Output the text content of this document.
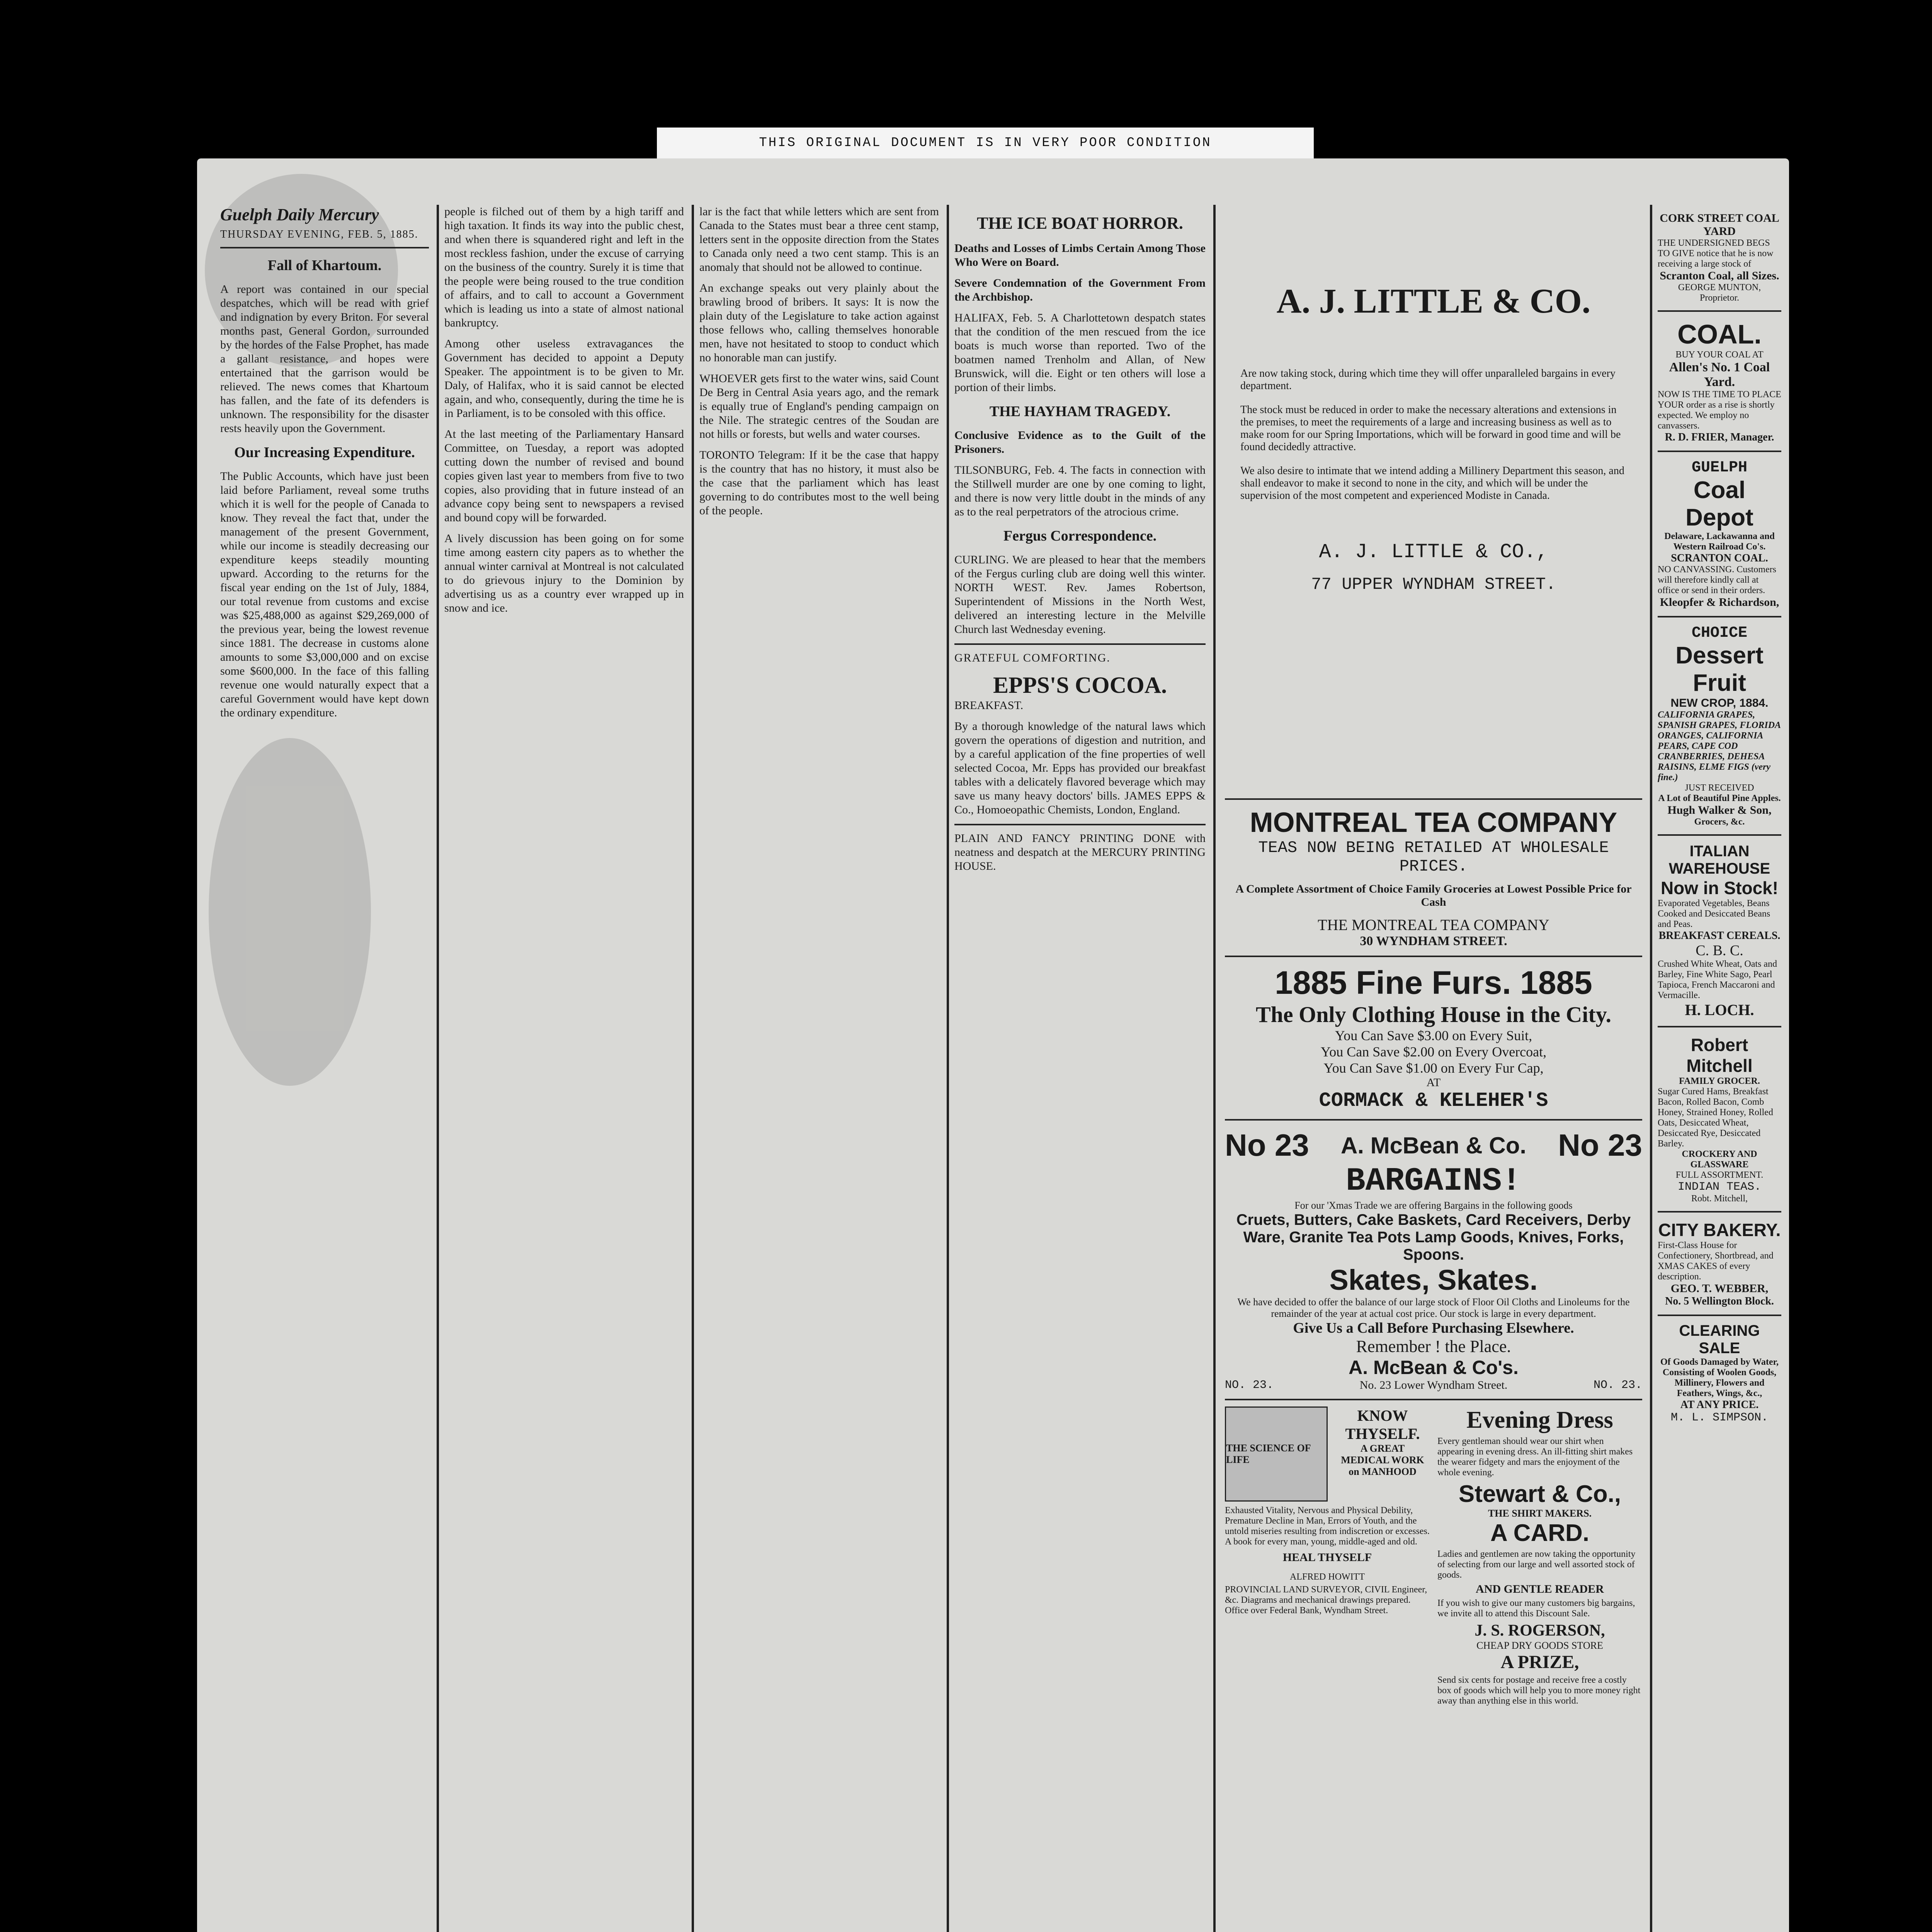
THIS ORIGINAL DOCUMENT IS IN VERY POOR CONDITION
Guelph Daily Mercury
THURSDAY EVENING, FEB. 5, 1885.
Fall of Khartoum.

A report was contained in our special despatches, which will be read with grief and indignation by every Briton. For several months past, General Gordon, surrounded by the hordes of the False Prophet, has made a gallant resistance, and hopes were entertained that the garrison would be relieved. The news comes that Khartoum has fallen, and the fate of its defenders is unknown. The responsibility for the disaster rests heavily upon the Government.

Our Increasing Expenditure.

The Public Accounts, which have just been laid before Parliament, reveal some truths which it is well for the people of Canada to know. They reveal the fact that, under the management of the present Government, while our income is steadily decreasing our expenditure keeps steadily mounting upward. According to the returns for the fiscal year ending on the 1st of July, 1884, our total revenue from customs and excise was $25,488,000 as against $29,269,000 of the previous year, being the lowest revenue since 1881. The decrease in customs alone amounts to some $3,000,000 and on excise some $600,000. In the face of this falling revenue one would naturally expect that a careful Government would have kept down the ordinary expenditure.

people is filched out of them by a high tariff and high taxation. It finds its way into the public chest, and when there is squandered right and left in the most reckless fashion, under the excuse of carrying on the business of the country. Surely it is time that the people were being roused to the true condition of affairs, and to call to account a Government which is leading us into a state of almost national bankruptcy.

Among other useless extravagances the Government has decided to appoint a Deputy Speaker. The appointment is to be given to Mr. Daly, of Halifax, who it is said cannot be elected again, and who, consequently, during the time he is in Parliament, is to be consoled with this office.

At the last meeting of the Parliamentary Hansard Committee, on Tuesday, a report was adopted cutting down the number of revised and bound copies given last year to members from five to two copies, also providing that in future instead of an advance copy being sent to newspapers a revised and bound copy will be forwarded.

A lively discussion has been going on for some time among eastern city papers as to whether the annual winter carnival at Montreal is not calculated to do grievous injury to the Dominion by advertising us as a country ever wrapped up in snow and ice.

lar is the fact that while letters which are sent from Canada to the States must bear a three cent stamp, letters sent in the opposite direction from the States to Canada only need a two cent stamp. This is an anomaly that should not be allowed to continue.

An exchange speaks out very plainly about the brawling brood of bribers. It says: It is now the plain duty of the Legislature to take action against those fellows who, calling themselves honorable men, have not hesitated to stoop to conduct which no honorable man can justify.

WHOEVER gets first to the water wins, said Count De Berg in Central Asia years ago, and the remark is equally true of England's pending campaign on the Nile. The strategic centres of the Soudan are not hills or forests, but wells and water courses.

TORONTO Telegram: If it be the case that happy is the country that has no history, it must also be the case that the parliament which has least governing to do contributes most to the well being of the people.

THE ICE BOAT HORROR.

Deaths and Losses of Limbs Certain Among Those Who Were on Board.

Severe Condemnation of the Government From the Archbishop.

HALIFAX, Feb. 5. A Charlottetown despatch states that the condition of the men rescued from the ice boats is much worse than reported. Two of the boatmen named Trenholm and Allan, of New Brunswick, will die. Eight or ten others will lose a portion of their limbs.

THE HAYHAM TRAGEDY.

Conclusive Evidence as to the Guilt of the Prisoners.

TILSONBURG, Feb. 4. The facts in connection with the Stillwell murder are one by one coming to light, and there is now very little doubt in the minds of any as to the real perpetrators of the atrocious crime.

Fergus Correspondence.

CURLING. We are pleased to hear that the members of the Fergus curling club are doing well this winter. NORTH WEST. Rev. James Robertson, Superintendent of Missions in the North West, delivered an interesting lecture in the Melville Church last Wednesday evening.

GRATEFUL COMFORTING.

EPPS'S COCOA.

BREAKFAST.

By a thorough knowledge of the natural laws which govern the operations of digestion and nutrition, and by a careful application of the fine properties of well selected Cocoa, Mr. Epps has provided our breakfast tables with a delicately flavored beverage which may save us many heavy doctors' bills. JAMES EPPS & Co., Homoeopathic Chemists, London, England.

PLAIN AND FANCY PRINTING DONE with neatness and despatch at the MERCURY PRINTING HOUSE.

A. J. LITTLE & CO.

Are now taking stock, during which time they will offer unparalleled bargains in every department.

The stock must be reduced in order to make the necessary alterations and extensions in the premises, to meet the requirements of a large and increasing business as well as to make room for our Spring Importations, which will be forward in good time and will be found decidedly attractive.

We also desire to intimate that we intend adding a Millinery Department this season, and shall endeavor to make it second to none in the city, and which will be under the supervision of the most competent and experienced Modiste in Canada.

A. J. LITTLE & CO.,
77 UPPER WYNDHAM STREET.
MONTREAL TEA COMPANY
TEAS NOW BEING RETAILED AT WHOLESALE PRICES.
A Complete Assortment of Choice Family Groceries at Lowest Possible Price for Cash
THE MONTREAL TEA COMPANY
30 WYNDHAM STREET.
1885 Fine Furs. 1885
The Only Clothing House in the City.
You Can Save $3.00 on Every Suit,
You Can Save $2.00 on Every Overcoat,
You Can Save $1.00 on Every Fur Cap,
AT
CORMACK & KELEHER'S
No 23 A. McBean & Co. No 23
BARGAINS!
For our 'Xmas Trade we are offering Bargains in the following goods
Cruets, Butters, Cake Baskets, Card Receivers, Derby Ware, Granite Tea Pots Lamp Goods, Knives, Forks, Spoons.
Skates, Skates.
We have decided to offer the balance of our large stock of Floor Oil Cloths and Linoleums for the remainder of the year at actual cost price. Our stock is large in every department.
Give Us a Call Before Purchasing Elsewhere.
Remember ! the Place.
A. McBean & Co's.
NO. 23.	No. 23 Lower Wyndham Street.	NO. 23.
THE SCIENCE OF LIFE
KNOW THYSELF.
A GREAT MEDICAL WORK on MANHOOD

Exhausted Vitality, Nervous and Physical Debility, Premature Decline in Man, Errors of Youth, and the untold miseries resulting from indiscretion or excesses. A book for every man, young, middle-aged and old.

HEAL THYSELF
ALFRED HOWITT

PROVINCIAL LAND SURVEYOR, CIVIL Engineer, &c. Diagrams and mechanical drawings prepared. Office over Federal Bank, Wyndham Street.

Evening Dress

Every gentleman should wear our shirt when appearing in evening dress. An ill-fitting shirt makes the wearer fidgety and mars the enjoyment of the whole evening.

Stewart & Co.,
THE SHIRT MAKERS.
A CARD.

Ladies and gentlemen are now taking the opportunity of selecting from our large and well assorted stock of goods.

AND GENTLE READER

If you wish to give our many customers big bargains, we invite all to attend this Discount Sale.

J. S. ROGERSON,
CHEAP DRY GOODS STORE
A PRIZE,

Send six cents for postage and receive free a costly box of goods which will help you to more money right away than anything else in this world.

CORK STREET COAL YARD
THE UNDERSIGNED BEGS TO GIVE notice that he is now receiving a large stock of
Scranton Coal, all Sizes.
GEORGE MUNTON, Proprietor.
COAL.
BUY YOUR COAL AT
Allen's No. 1 Coal Yard.
NOW IS THE TIME TO PLACE YOUR order as a rise is shortly expected. We employ no canvassers.
R. D. FRIER, Manager.
GUELPH
Coal Depot
Delaware, Lackawanna and Western Railroad Co's.
SCRANTON COAL.
NO CANVASSING. Customers will therefore kindly call at office or send in their orders.
Kleopfer & Richardson,
CHOICE
Dessert Fruit
NEW CROP, 1884.
CALIFORNIA GRAPES, SPANISH GRAPES, FLORIDA ORANGES, CALIFORNIA PEARS, CAPE COD CRANBERRIES, DEHESA RAISINS, ELME FIGS (very fine.)
JUST RECEIVED
A Lot of Beautiful Pine Apples.
Hugh Walker & Son,
Grocers, &c.
ITALIAN WAREHOUSE
Now in Stock!
Evaporated Vegetables, Beans Cooked and Desiccated Beans and Peas.
BREAKFAST CEREALS.
C. B. C.
Crushed White Wheat, Oats and Barley, Fine White Sago, Pearl Tapioca, French Maccaroni and Vermacille.
H. LOCH.
Robert Mitchell
FAMILY GROCER.
Sugar Cured Hams, Breakfast Bacon, Rolled Bacon, Comb Honey, Strained Honey, Rolled Oats, Desiccated Wheat, Desiccated Rye, Desiccated Barley.
CROCKERY AND GLASSWARE
FULL ASSORTMENT.
INDIAN TEAS.
Robt. Mitchell,
CITY BAKERY.
First-Class House for Confectionery, Shortbread, and XMAS CAKES of every description.
GEO. T. WEBBER,
No. 5 Wellington Block.
CLEARING SALE
Of Goods Damaged by Water, Consisting of Woolen Goods, Millinery, Flowers and Feathers, Wings, &c.,
AT ANY PRICE.
M. L. SIMPSON.
